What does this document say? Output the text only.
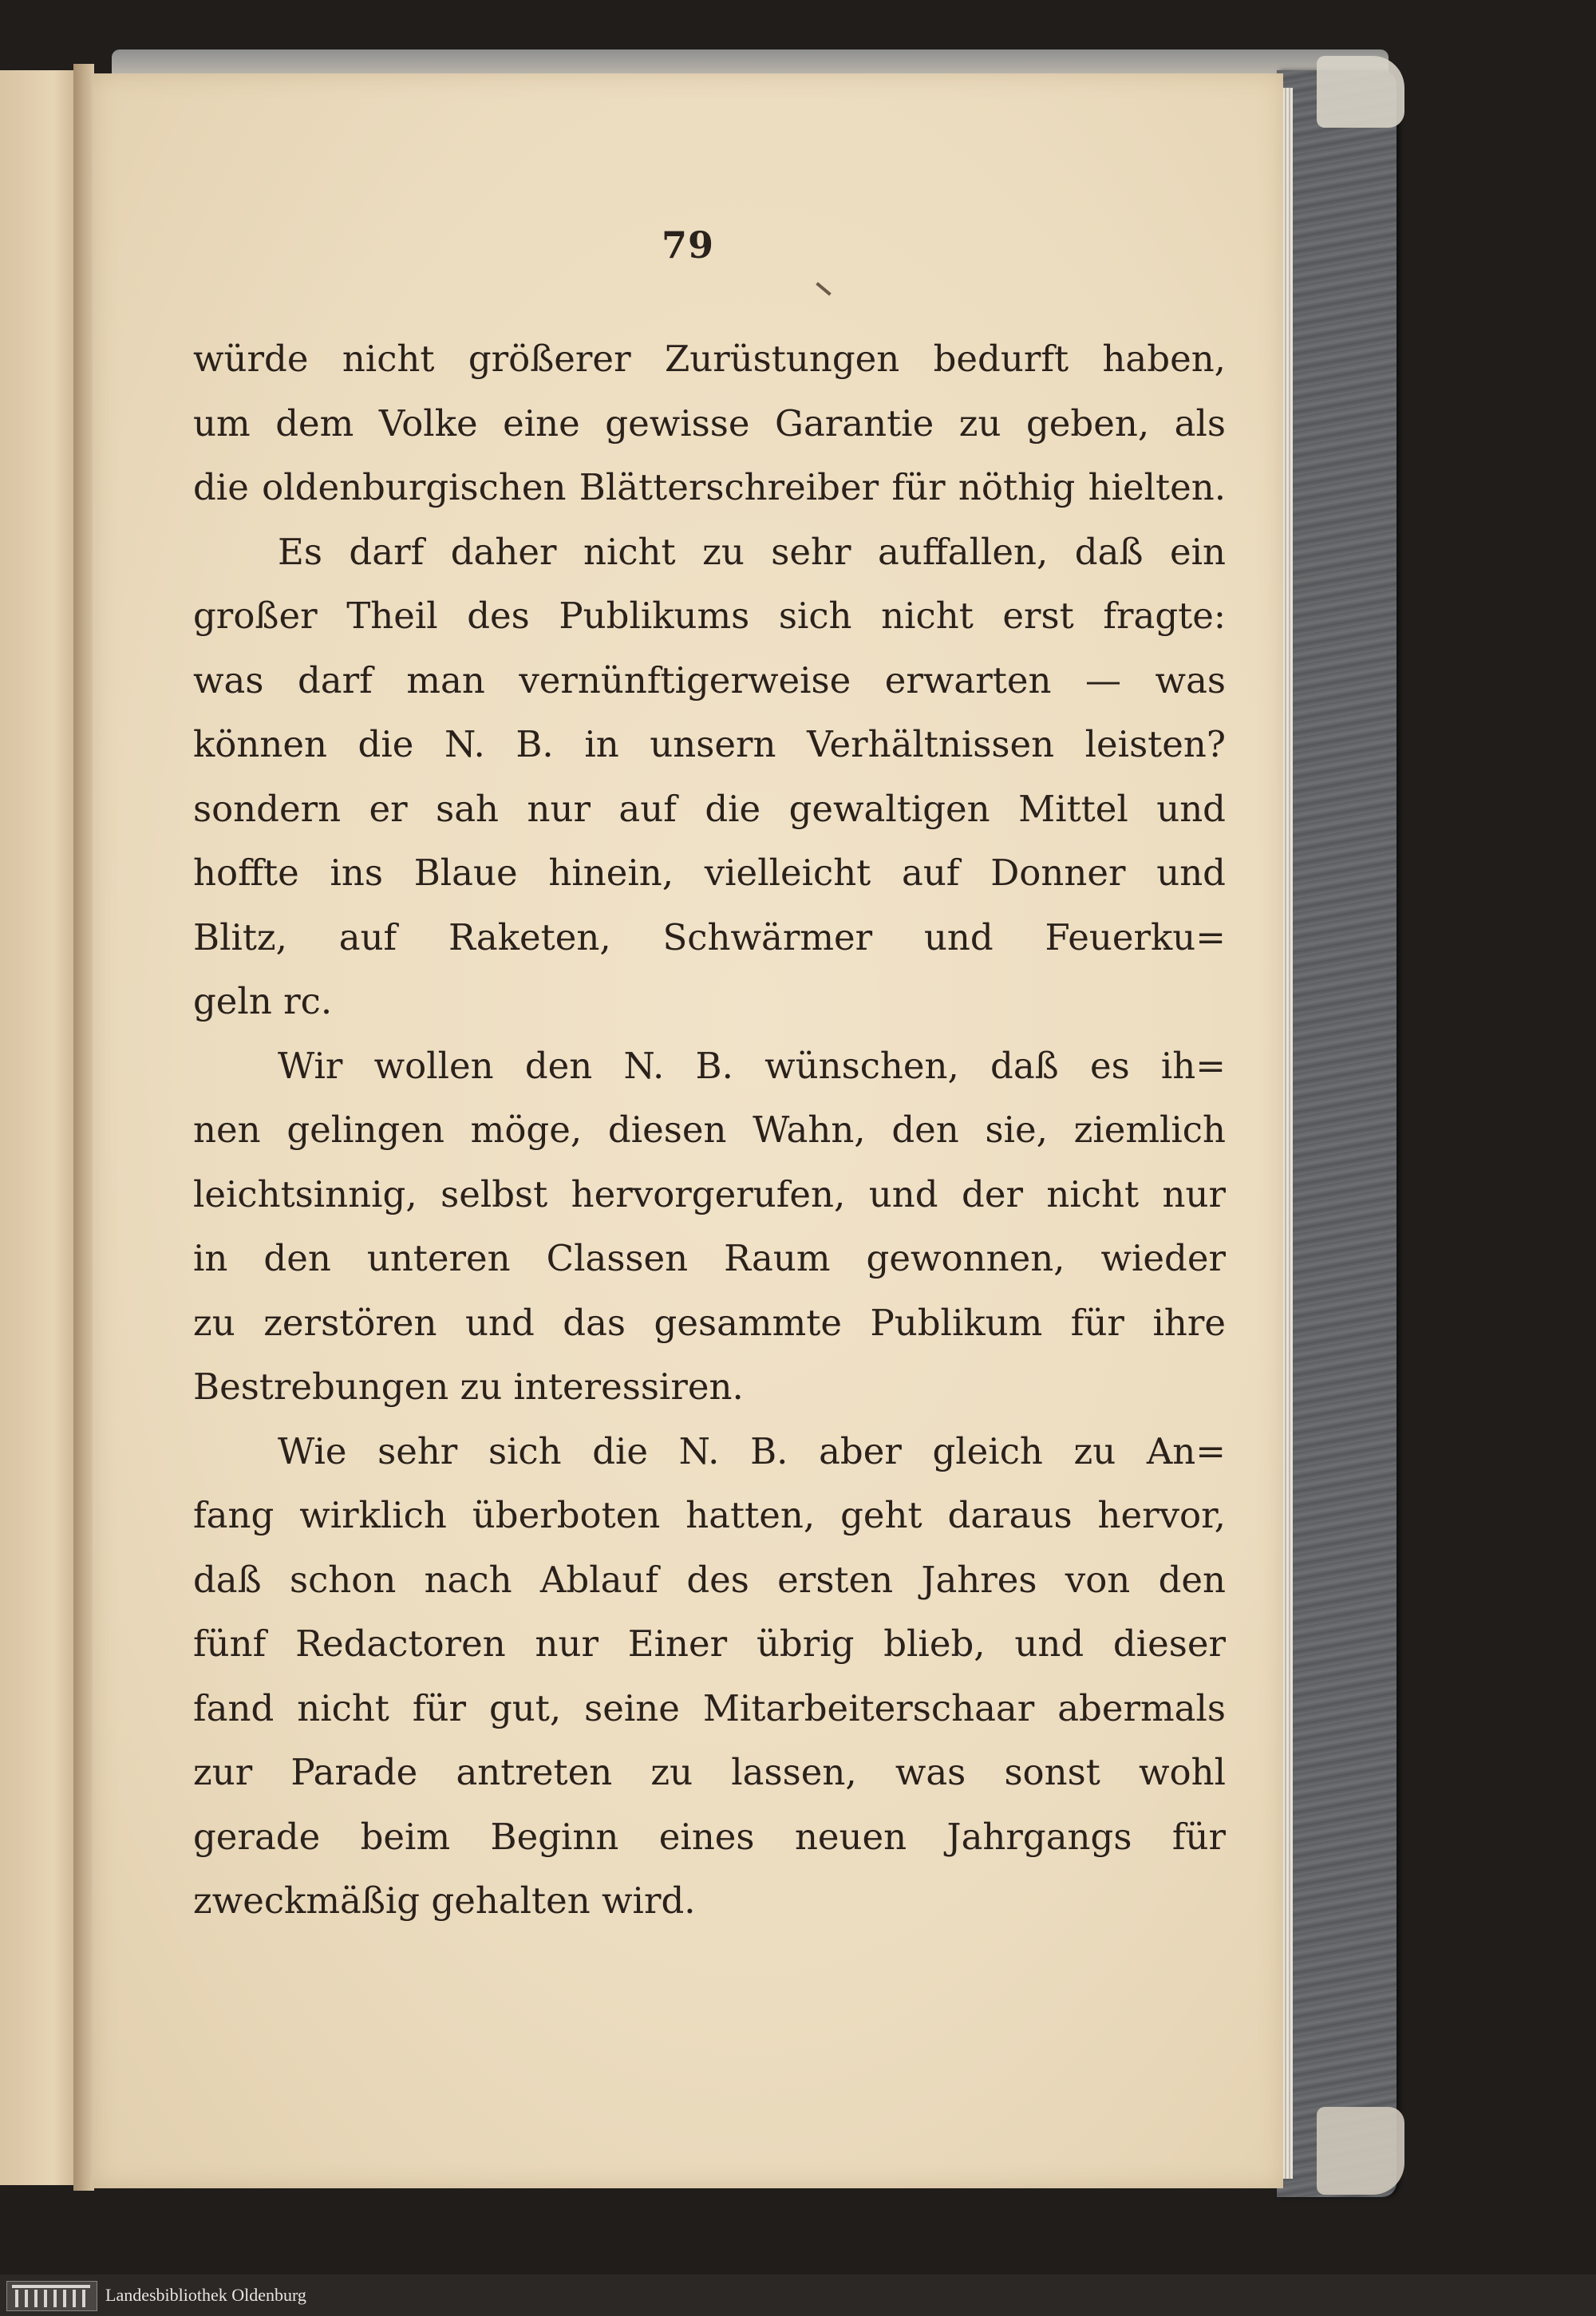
79
würde nicht größerer Zurüstungen bedurft haben,
um dem Volke eine gewisse Garantie zu geben, als
die oldenburgischen Blätterschreiber für nöthig hielten.
Es darf daher nicht zu sehr auffallen, daß ein
großer Theil des Publikums sich nicht erst fragte:
was darf man vernünftigerweise erwarten — was
können die N. B. in unsern Verhältnissen leisten?
sondern er sah nur auf die gewaltigen Mittel und
hoffte ins Blaue hinein, vielleicht auf Donner und
Blitz, auf Raketen, Schwärmer und Feuerku=
geln rc.
Wir wollen den N. B. wünschen, daß es ih=
nen gelingen möge, diesen Wahn, den sie, ziemlich
leichtsinnig, selbst hervorgerufen, und der nicht nur
in den unteren Classen Raum gewonnen, wieder
zu zerstören und das gesammte Publikum für ihre
Bestrebungen zu interessiren.
Wie sehr sich die N. B. aber gleich zu An=
fang wirklich überboten hatten, geht daraus hervor,
daß schon nach Ablauf des ersten Jahres von den
fünf Redactoren nur Einer übrig blieb, und dieser
fand nicht für gut, seine Mitarbeiterschaar abermals
zur Parade antreten zu lassen, was sonst wohl
gerade beim Beginn eines neuen Jahrgangs für
zweckmäßig gehalten wird.
Landesbibliothek Oldenburg
